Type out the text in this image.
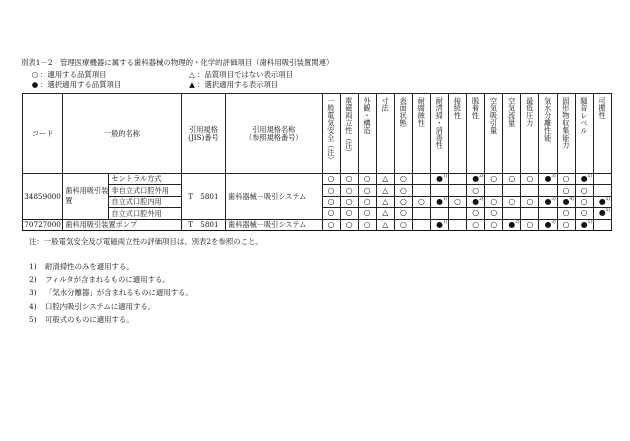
別表1－2　管理医療機器に属する歯科器械の物理的・化学的評価項目（歯科用吸引装置関連）
○ ：適用する品質項目
● ：選択適用する品質項目
△ ：品質項目ではない表示項目
▲ ：選択適用する表示項目
コード	一般的名称		引用規格
(JIS)番号	引用規格名称
（参照規格番号）	一般電気安全（注）	電磁両立性（注）	外観・構造	寸法	表面状態	耐腐蝕性	耐清掃・消毒性	接続性	脱着性	空気吸引量	空気流量	最低圧力	気水分離性能	固形物収集能力	騒音レベル	可搬性
34859000	歯科用吸引装置	セントラル方式	T　5801	歯科器械－吸引システム	○	○	○	△	○		● 1)		● 2)	○	○	○	● 3)	○	● 5)	

		非自立式口腔外用			○	○	○	△	○				○					○	○	
		自立式口腔内用			○	○	○	△	○	○	● 1)	○	● 2)	○	○	○	● 3)	● 4)	○	● 5)

		自立式口腔外用			○	○	○	△	○				○	○				○	○	● 5)

70727000	歯科用吸引装置ポンプ		T　5801	歯科器械－吸引システム	○	○	○	△	○		● 1)		○	○	● 2)	○	● 3)	○	● 5)	

注：一般電気安全及び電磁両立性の評価項目は、別表2を参照のこと。
1) 耐清掃性のみを適用する。
2) フィルタが含まれるものに適用する。
3) 「気水分離器」が含まれるものに適用する。
4) 口腔内吸引システムに適用する。
5) 可般式のものに適用する。
